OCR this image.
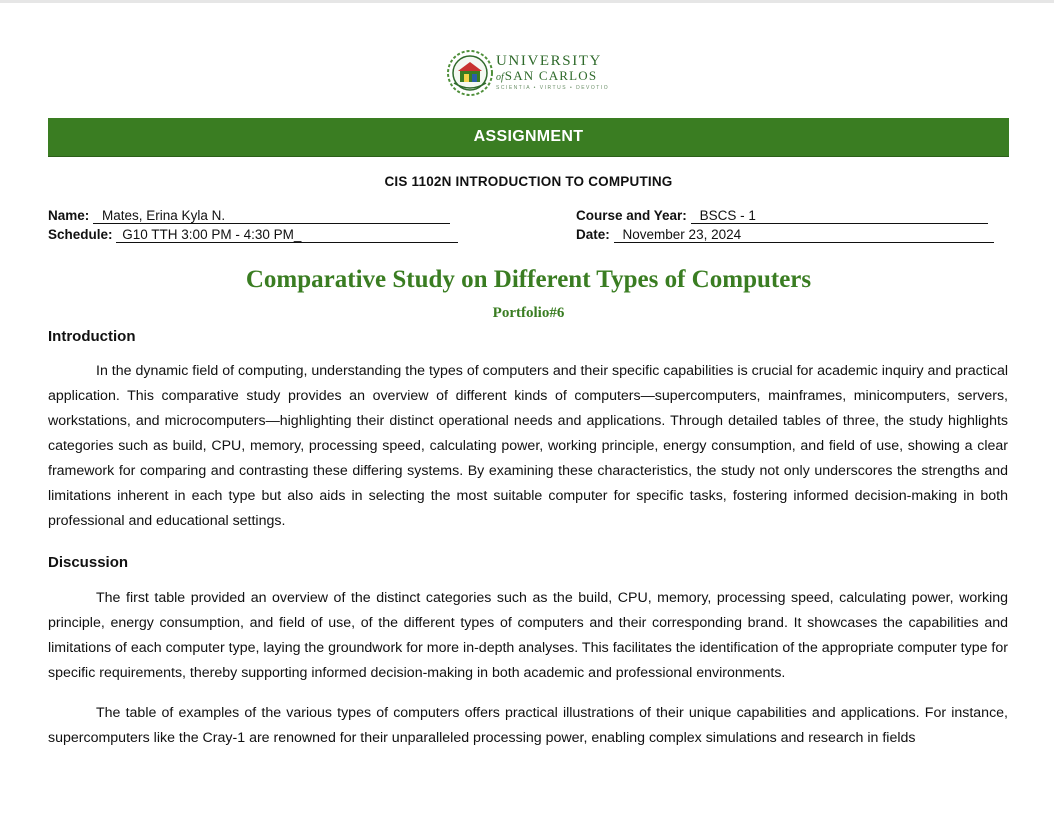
UNIVERSITY
ofSAN CARLOS
SCIENTIA • VIRTUS • DEVOTIO
ASSIGNMENT
CIS 1102N INTRODUCTION TO COMPUTING
Name: Mates, Erina Kyla N.
Schedule: G10 TTH 3:00 PM - 4:30 PM_
Course and Year: BSCS - 1
Date: November 23, 2024
Comparative Study on Different Types of Computers
Portfolio#6
Introduction

In the dynamic field of computing, understanding the types of computers and their specific capabilities is crucial for academic inquiry and practical application. This comparative study provides an overview of different kinds of computers—supercomputers, mainframes, minicomputers, servers, workstations, and microcomputers—highlighting their distinct operational needs and applications. Through detailed tables of three, the study highlights categories such as build, CPU, memory, processing speed, calculating power, working principle, energy consumption, and field of use, showing a clear framework for comparing and contrasting these differing systems. By examining these characteristics, the study not only underscores the strengths and limitations inherent in each type but also aids in selecting the most suitable computer for specific tasks, fostering informed decision-making in both professional and educational settings.

Discussion

The first table provided an overview of the distinct categories such as the build, CPU, memory, processing speed, calculating power, working principle, energy consumption, and field of use, of the different types of computers and their corresponding brand. It showcases the capabilities and limitations of each computer type, laying the groundwork for more in-depth analyses. This facilitates the identification of the appropriate computer type for specific requirements, thereby supporting informed decision-making in both academic and professional environments.

The table of examples of the various types of computers offers practical illustrations of their unique capabilities and applications. For instance, supercomputers like the Cray-1 are renowned for their unparalleled processing power, enabling complex simulations and research in fields
